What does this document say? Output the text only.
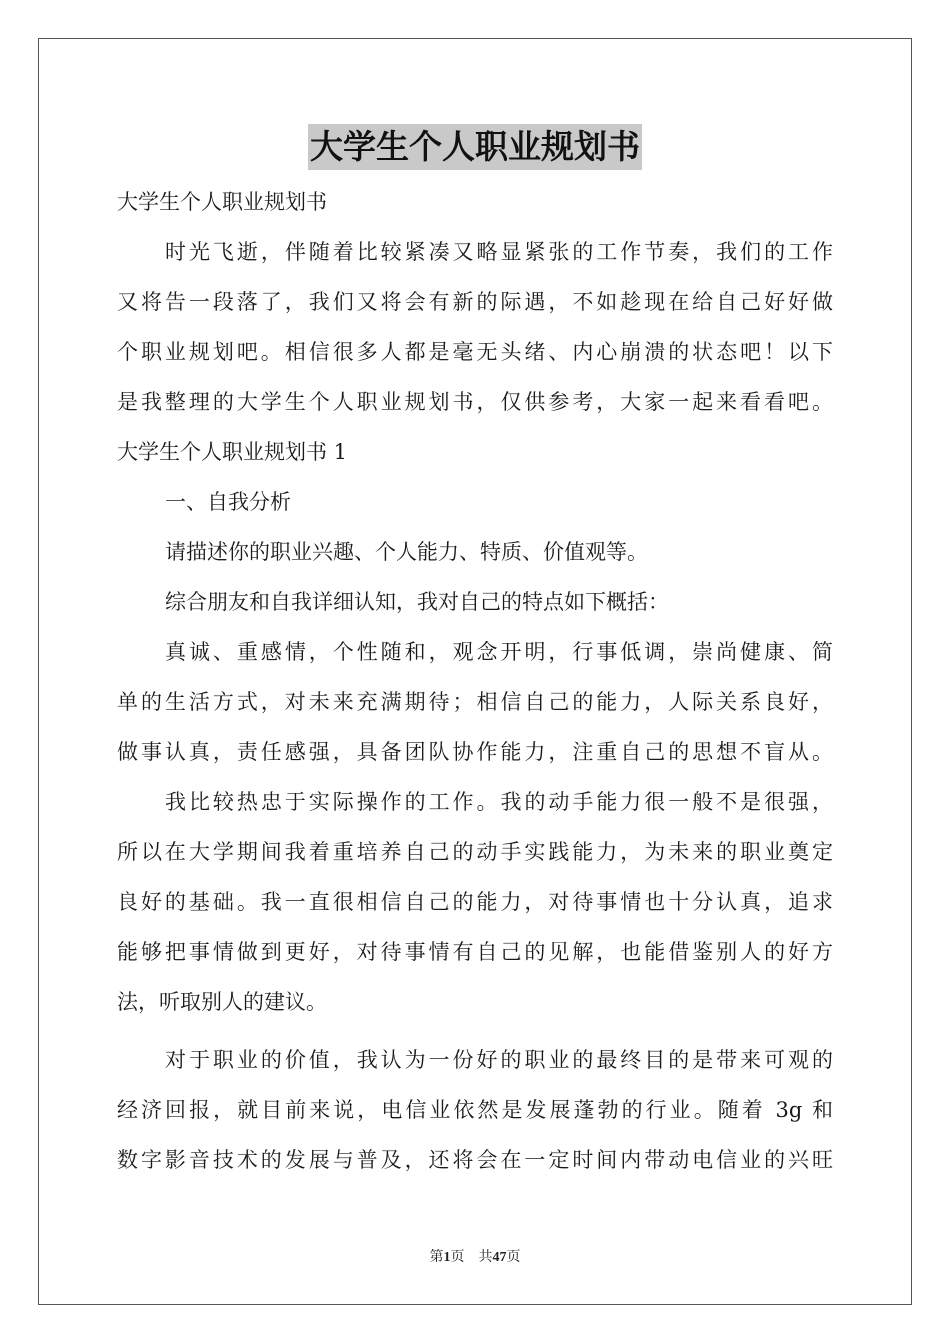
大学生个人职业规划书

大学生个人职业规划书

时光飞逝，伴随着比较紧凑又略显紧张的工作节奏，我们的工作

又将告一段落了，我们又将会有新的际遇，不如趁现在给自己好好做

个职业规划吧。相信很多人都是毫无头绪、内心崩溃的状态吧！以下

是我整理的大学生个人职业规划书，仅供参考，大家一起来看看吧。

大学生个人职业规划书 1

一、自我分析

请描述你的职业兴趣、个人能力、特质、价值观等。

综合朋友和自我详细认知，我对自己的特点如下概括：

真诚、重感情，个性随和，观念开明，行事低调，崇尚健康、简

单的生活方式，对未来充满期待；相信自己的能力，人际关系良好，

做事认真，责任感强，具备团队协作能力，注重自己的思想不盲从。

我比较热忠于实际操作的工作。我的动手能力很一般不是很强，

所以在大学期间我着重培养自己的动手实践能力，为未来的职业奠定

良好的基础。我一直很相信自己的能力，对待事情也十分认真，追求

能够把事情做到更好，对待事情有自己的见解，也能借鉴别人的好方

法，听取别人的建议。

对于职业的价值，我认为一份好的职业的最终目的是带来可观的

经济回报，就目前来说，电信业依然是发展蓬勃的行业。随着 3g 和

数字影音技术的发展与普及，还将会在一定时间内带动电信业的兴旺

第1页 共47页
